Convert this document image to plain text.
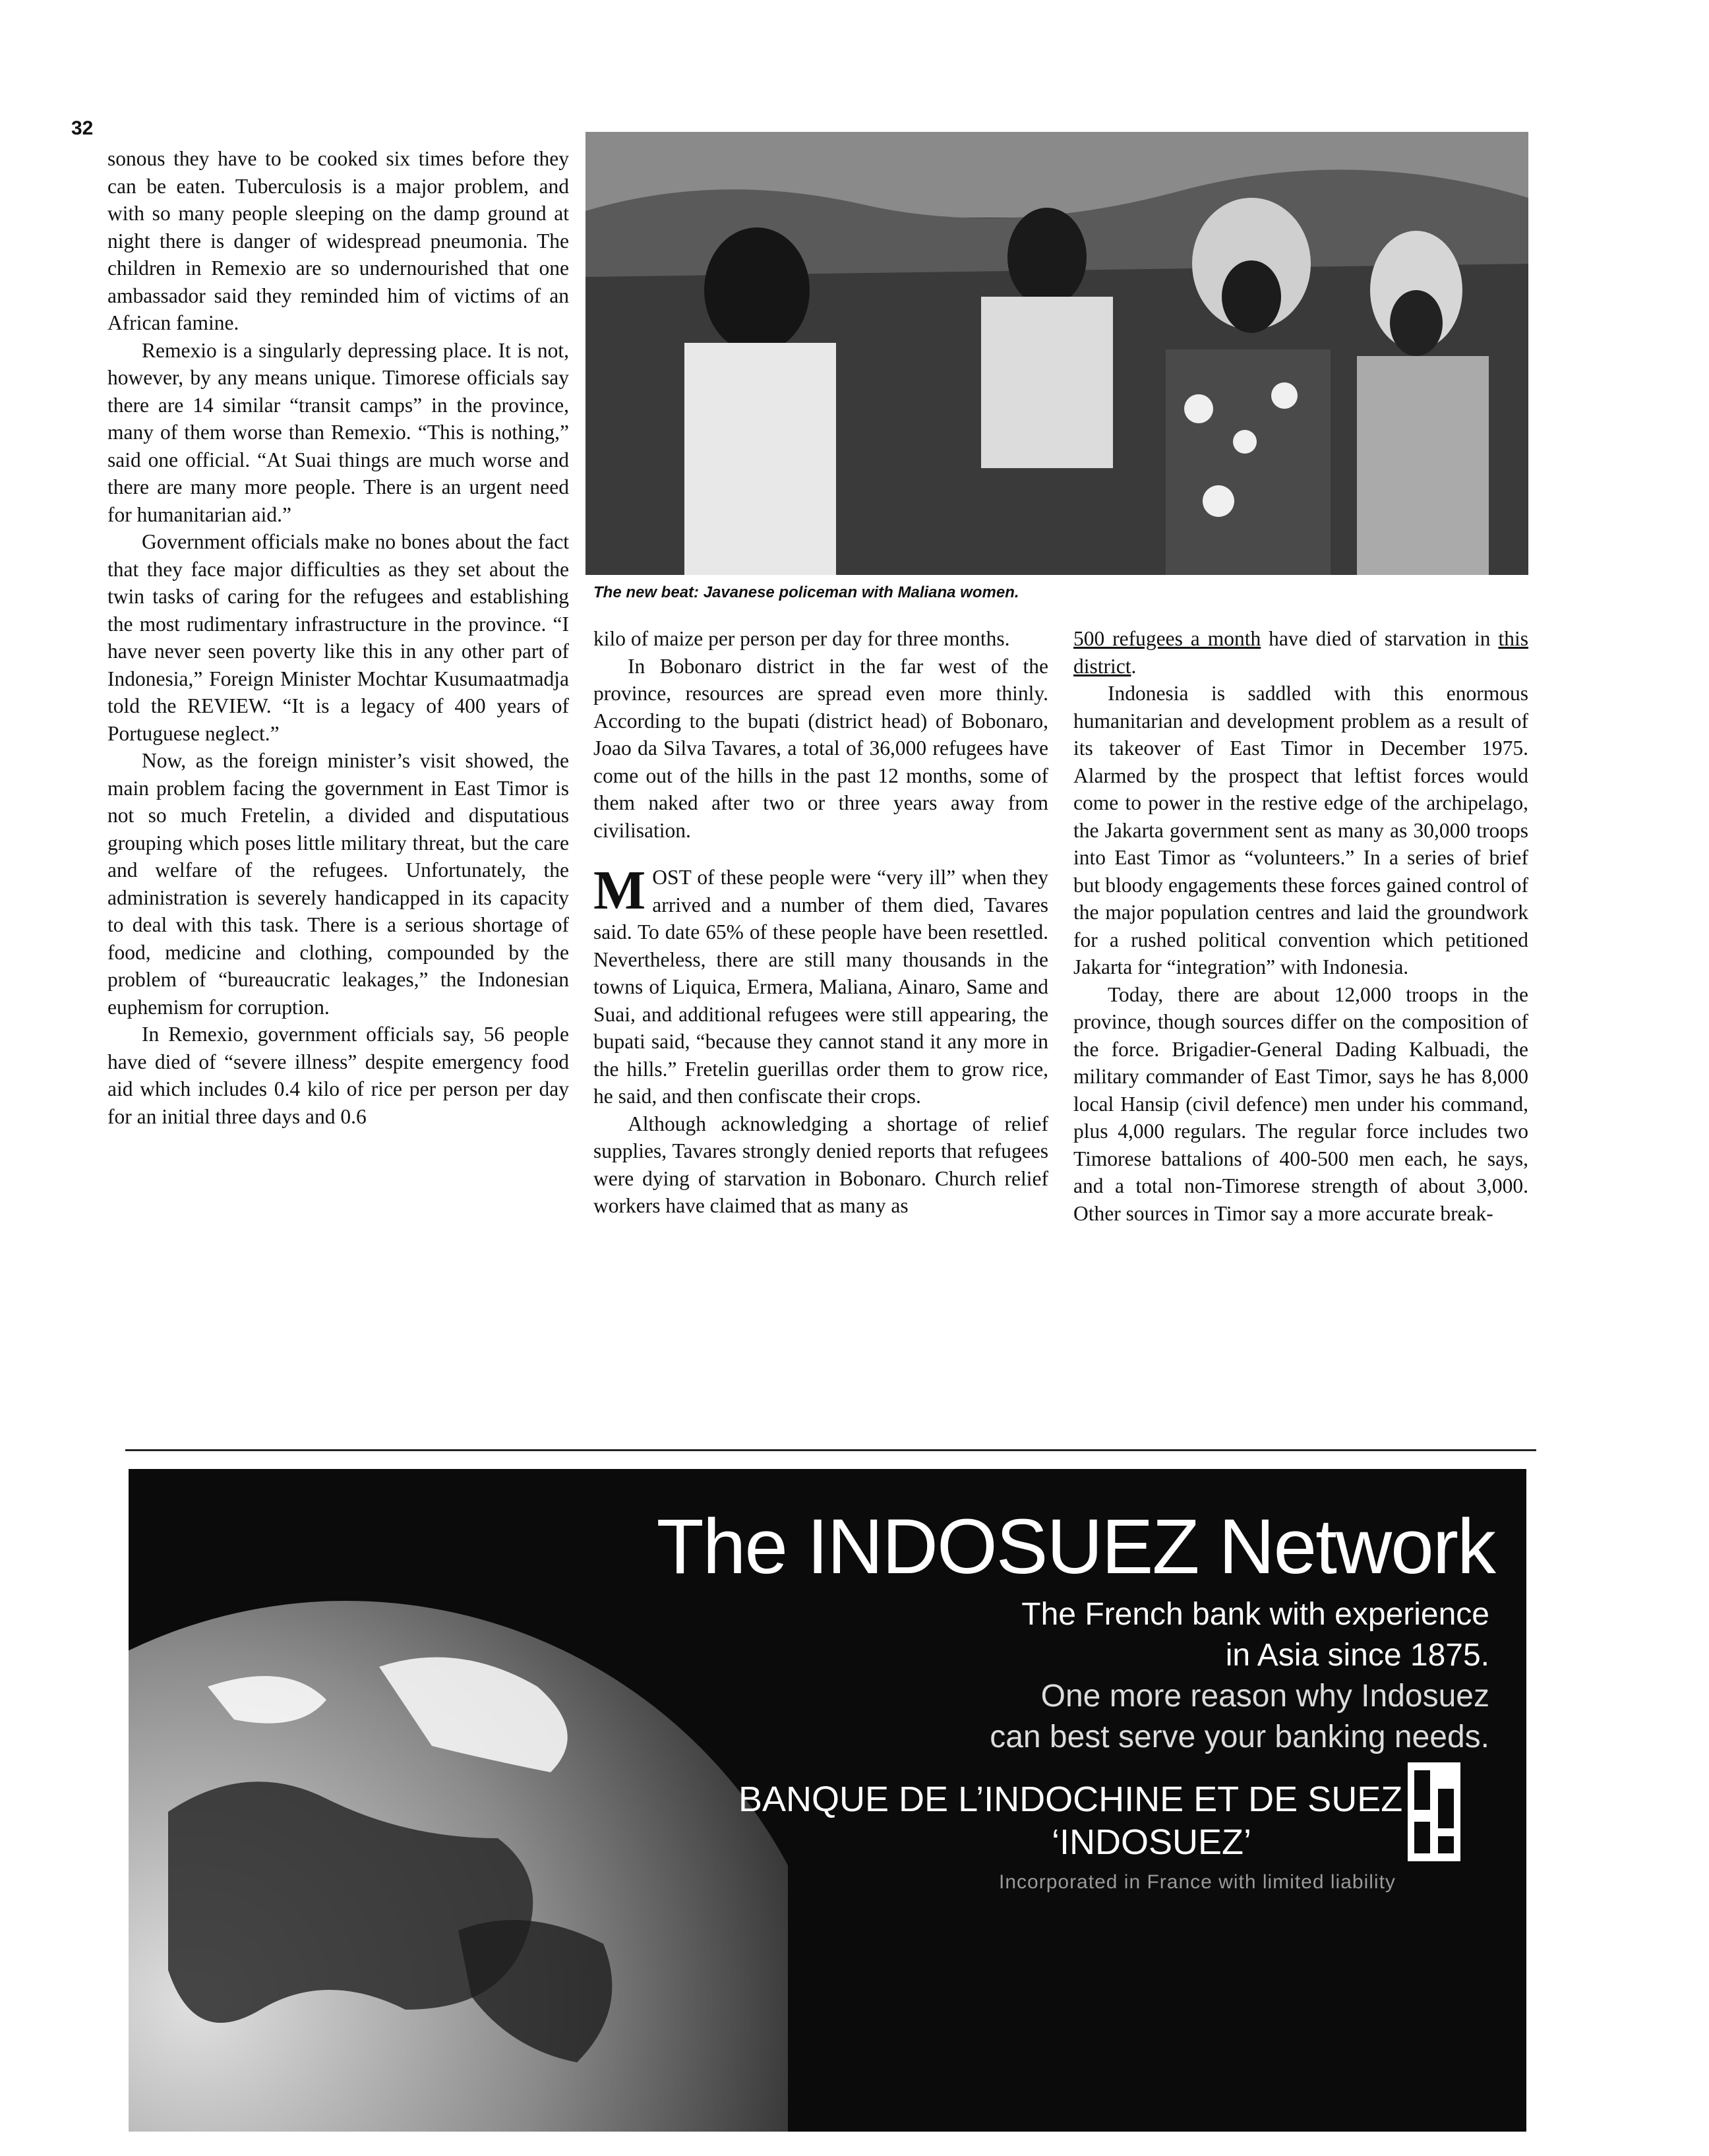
32

sonous they have to be cooked six times before they can be eaten. Tuberculosis is a major problem, and with so many people sleeping on the damp ground at night there is danger of widespread pneumonia. The children in Remexio are so undernourished that one ambassador said they reminded him of victims of an African famine.

Remexio is a singularly depressing place. It is not, however, by any means unique. Timorese officials say there are 14 similar “transit camps” in the province, many of them worse than Remexio. “This is nothing,” said one official. “At Suai things are much worse and there are many more people. There is an urgent need for humanitarian aid.”

Government officials make no bones about the fact that they face major difficulties as they set about the twin tasks of caring for the refugees and establishing the most rudimentary infrastructure in the province. “I have never seen poverty like this in any other part of Indonesia,” Foreign Minister Mochtar Kusumaatmadja told the REVIEW. “It is a legacy of 400 years of Portuguese neglect.”

Now, as the foreign minister’s visit showed, the main problem facing the government in East Timor is not so much Fretelin, a divided and disputatious grouping which poses little military threat, but the care and welfare of the refugees. Unfortunately, the administration is severely handicapped in its capacity to deal with this task. There is a serious shortage of food, medicine and clothing, compounded by the problem of “bureaucratic leakages,” the Indonesian euphemism for corruption.

In Remexio, government officials say, 56 people have died of “severe illness” despite emergency food aid which includes 0.4 kilo of rice per person per day for an initial three days and 0.6

The new beat: Javanese policeman with Maliana women.

kilo of maize per person per day for three months.

In Bobonaro district in the far west of the province, resources are spread even more thinly. According to the bupati (district head) of Bobonaro, Joao da Silva Tavares, a total of 36,000 refugees have come out of the hills in the past 12 months, some of them naked after two or three years away from civilisation.

MOST of these people were “very ill” when they arrived and a number of them died, Tavares said. To date 65% of these people have been resettled. Nevertheless, there are still many thousands in the towns of Liquica, Ermera, Maliana, Ainaro, Same and Suai, and additional refugees were still appearing, the bupati said, “because they cannot stand it any more in the hills.” Fretelin guerillas order them to grow rice, he said, and then confiscate their crops.

Although acknowledging a shortage of relief supplies, Tavares strongly denied reports that refugees were dying of starvation in Bobonaro. Church relief workers have claimed that as many as

500 refugees a month have died of starvation in this district.

Indonesia is saddled with this enormous humanitarian and development problem as a result of its takeover of East Timor in December 1975. Alarmed by the prospect that leftist forces would come to power in the restive edge of the archipelago, the Jakarta government sent as many as 30,000 troops into East Timor as “volunteers.” In a series of brief but bloody engagements these forces gained control of the major population centres and laid the groundwork for a rushed political convention which petitioned Jakarta for “integration” with Indonesia.

Today, there are about 12,000 troops in the province, though sources differ on the composition of the force. Brigadier-General Dading Kalbuadi, the military commander of East Timor, says he has 8,000 local Hansip (civil defence) men under his command, plus 4,000 regulars. The regular force includes two Timorese battalions of 400-500 men each, he says, and a total non-Timorese strength of about 3,000. Other sources in Timor say a more accurate break-

The INDOSUEZ Network
The French bank with experience
in Asia since 1875.
One more reason why Indosuez
can best serve your banking needs.
BANQUE DE L’INDOCHINE ET DE SUEZ
‘INDOSUEZ’
Incorporated in France with limited liability
